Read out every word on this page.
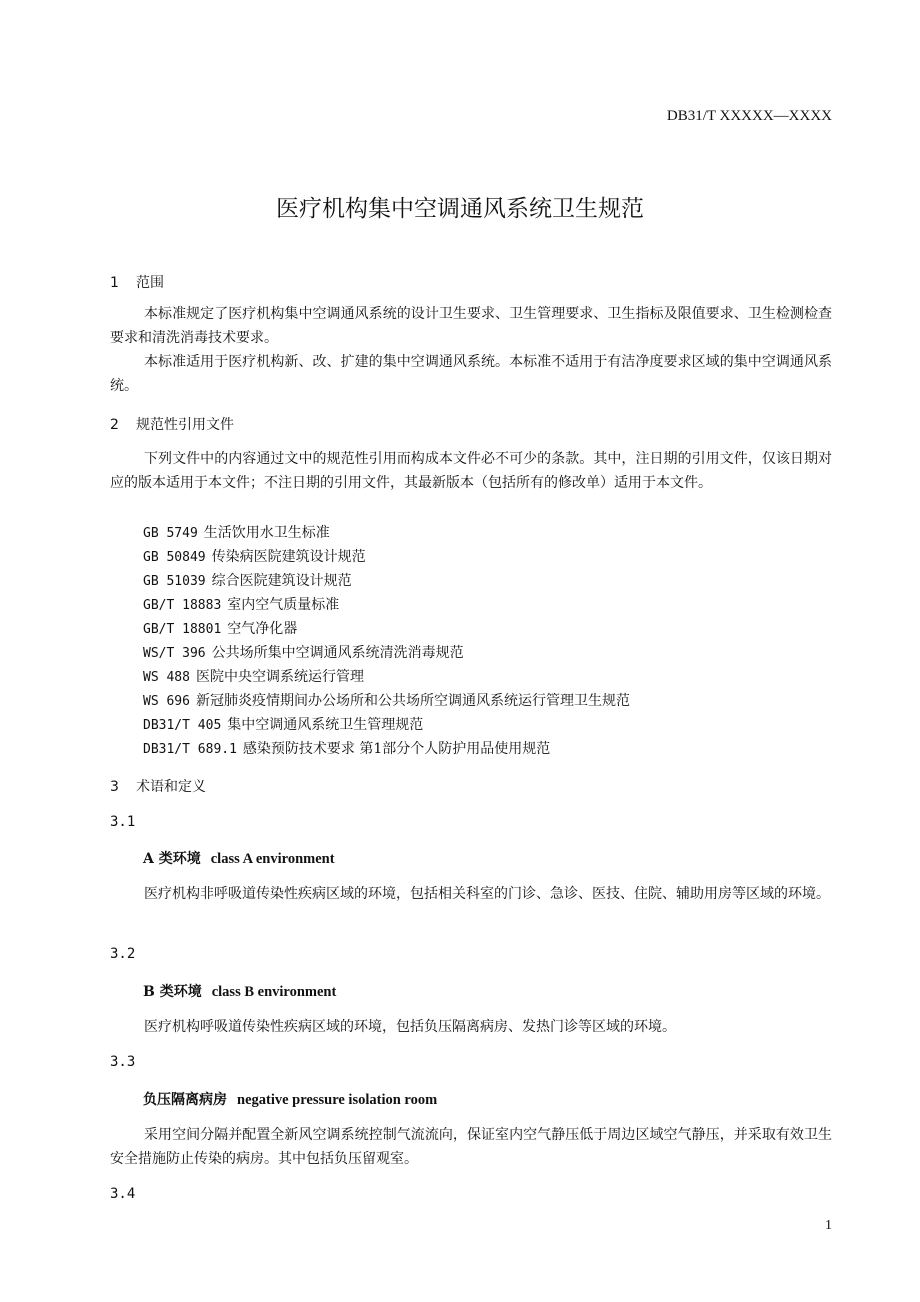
DB31/T XXXXX—XXXX
医疗机构集中空调通风系统卫生规范
1 范围
本标准规定了医疗机构集中空调通风系统的设计卫生要求、卫生管理要求、卫生指标及限值要求、卫生检测检查要求和清洗消毒技术要求。
本标准适用于医疗机构新、改、扩建的集中空调通风系统。本标准不适用于有洁净度要求区域的集中空调通风系统。
2 规范性引用文件
下列文件中的内容通过文中的规范性引用而构成本文件必不可少的条款。其中，注日期的引用文件，仅该日期对应的版本适用于本文件；不注日期的引用文件，其最新版本（包括所有的修改单）适用于本文件。
GB 5749 生活饮用水卫生标准
GB 50849 传染病医院建筑设计规范
GB 51039 综合医院建筑设计规范
GB/T 18883 室内空气质量标准
GB/T 18801 空气净化器
WS/T 396 公共场所集中空调通风系统清洗消毒规范
WS 488 医院中央空调系统运行管理
WS 696 新冠肺炎疫情期间办公场所和公共场所空调通风系统运行管理卫生规范
DB31/T 405 集中空调通风系统卫生管理规范
DB31/T 689.1 感染预防技术要求 第1部分个人防护用品使用规范
3 术语和定义
3.1
A 类环境 class A environment
医疗机构非呼吸道传染性疾病区域的环境，包括相关科室的门诊、急诊、医技、住院、辅助用房等区域的环境。
3.2
B 类环境 class B environment
医疗机构呼吸道传染性疾病区域的环境，包括负压隔离病房、发热门诊等区域的环境。
3.3
负压隔离病房 negative pressure isolation room
采用空间分隔并配置全新风空调系统控制气流流向，保证室内空气静压低于周边区域空气静压，并采取有效卫生安全措施防止传染的病房。其中包括负压留观室。
3.4
1
